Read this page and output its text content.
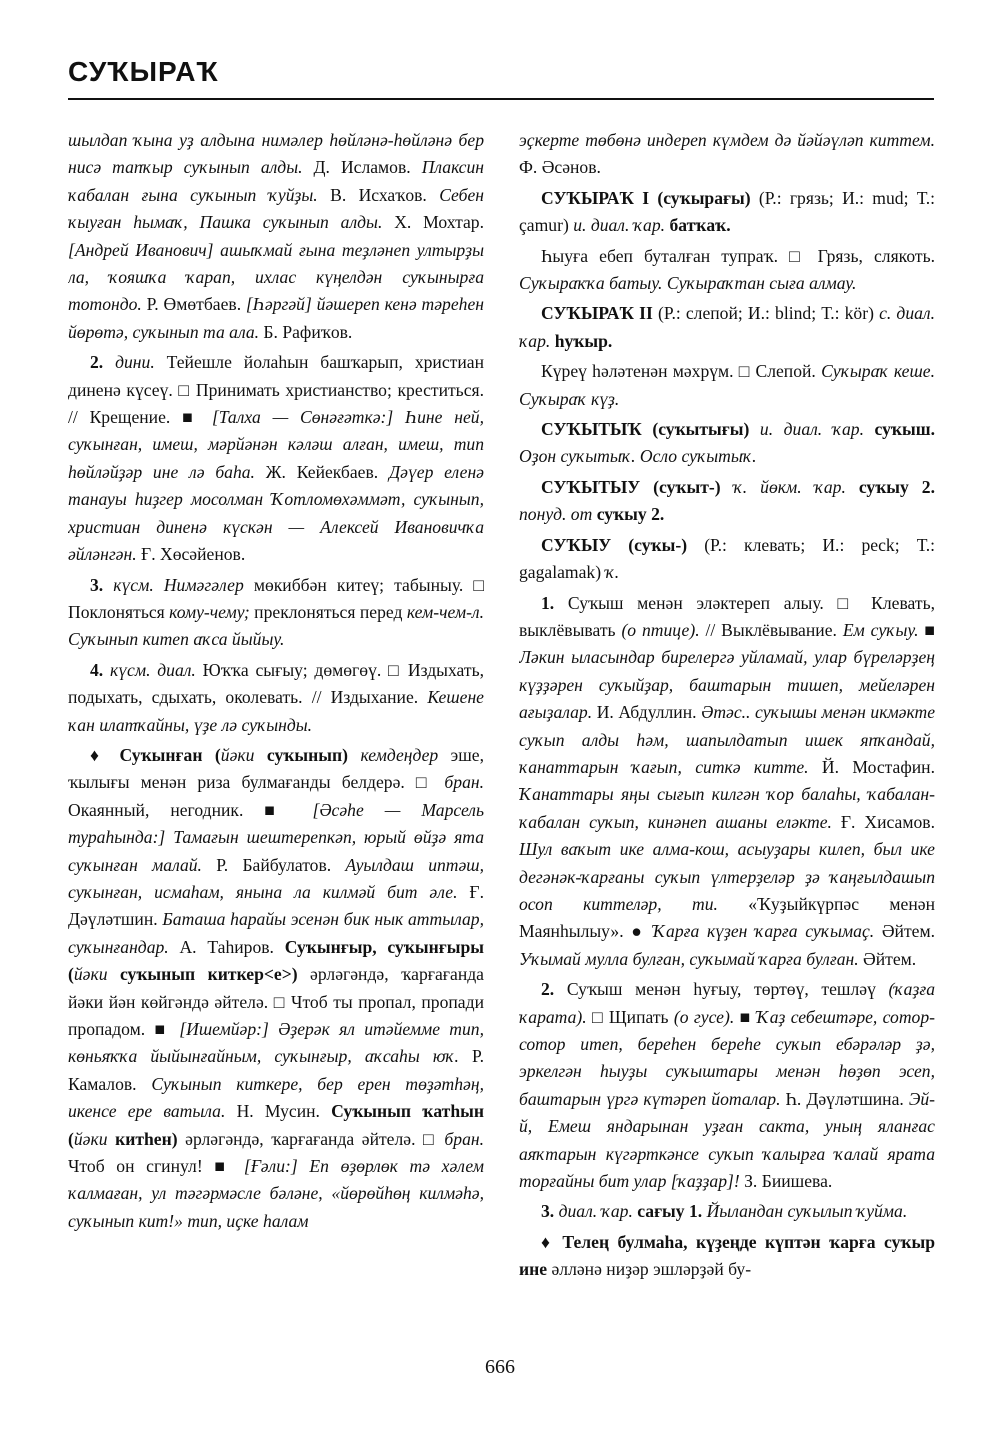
СУҠЫРАҠ

шылдап ҡына уҙ алдына нимәлер һөйләнә-һөйләнә бер нисә тапҡыр суҡынып алды. Д. Исламов. Плаксин ҡабалан ғына суҡынып ҡуйҙы. В. Исхаҡов. Себен ҡыуған һымаҡ, Пашка суҡынып алды. Х. Мохтар. [Андрей Иванович] ашыҡмай ғына теҙләнеп ултырҙы ла, ҡояшҡа ҡарап, ихлас күңелдән суҡынырға тотондо. Р. Өмөтбаев. [Һәргәй] йәшереп кенә тәреһен йөрөтә, суҡынып та ала. Б. Рафиҡов.

2. дини. Тейешле йолаһын башҡарып, христиан диненә күсеү. □ Принимать христианство; креститься. // Крещение. ■ [Талха — Сөнәғәткә:] Һине ней, суҡынған, имеш, мәрйәнән кәләш алған, имеш, тип һөйләйҙәр ине лә баһа. Ж. Кейекбаев. Дәүер еленә танауы һиҙгер мосолман Ҡотломөхәммәт, суҡынып, христиан диненә күскән — Алексей Ивановичҡа әйләнгән. Ғ. Хөсәйенов.

3. күсм. Нимәгәлер мөкиббән китеү; табыныу. □ Поклоняться кому-чему; преклоняться перед кем-чем-л. Суҡынып китеп аҡса йыйыу.

4. күсм. диал. Юҡҡа сығыу; дөмөгөү. □ Издыхать, подыхать, сдыхать, околевать. // Издыхание. Кешене ҡан илатҡайны, үҙе лә суҡынды.

♦ Суҡынған (йәки суҡынып) кемдеңдер эше, ҡылығы менән риза булмағанды белдерә. □ бран. Окаянный, негодник. ■ [Әсәһе — Марсель тураһында:] Тамағын шештерепкәп, юрый өйҙә ята суҡынған малай. Р. Байбулатов. Ауылдаш иптәш, суҡынған, исмаһам, янына ла килмәй бит әле. Ғ. Дәүләтшин. Баташа һарайы эсенән бик нык аттылар, суҡынғандар. А. Таһиров. Суҡынғыр, суҡынғыры (йәки суҡынып киткер<е>) әрләгәндә, ҡарғағанда йәки йән көйгәндә әйтелә. □ Чтоб ты пропал, пропади пропадом. ■ [Ишемйәр:] Әҙерәк ял итәйемме тип, көньяҡҡа йыйынғайным, суҡынғыр, аҡсаһы юҡ. Р. Камалов. Суҡынып киткере, бер ерен төҙәтһәң, икенсе ере ватыла. Н. Мусин. Суҡынып ҡатһын (йәки китһен) әрләгәндә, ҡарғағанда әйтелә. □ бран. Чтоб он сгинул! ■ [Ғәли:] Еп өҙөрлөк тә хәлем ҡалмаған, ул тәгәрмәсле бәләне, «йөрөйһөң килмәһә, суҡынып кит!» тип, иҫке һалам

эҫкерте төбөнә индереп күмдем дә йәйәүләп киттем. Ф. Әсәнов.

СУҠЫРАҠ I (суҡырағы) (Р.: грязь; И.: mud; Т.: çamur) и. диал. ҡар. батҡаҡ.

Һыуға ебеп буталған тупраҡ. □ Грязь, слякоть. Суҡыраҡҡа батыу. Суҡыраҡтан сыға алмау.

СУҠЫРАҠ II (Р.: слепой; И.: blind; Т.: kör) с. диал. ҡар. һуҡыр.

Күреү һәләтенән мәхрүм. □ Слепой. Суҡыраҡ кеше. Суҡыраҡ күҙ.

СУҠЫТЫҠ (суҡытығы) и. диал. ҡар. суҡыш. Оҙон суҡытыҡ. Осло суҡытыҡ.

СУҠЫТЫУ (суҡыт-) ҡ. йөкм. ҡар. суҡыу 2. понуд. от суҡыу 2.

СУҠЫУ (суҡы-) (Р.: клевать; И.: peck; Т.: gagalamak) ҡ.

1. Суҡыш менән эләктереп алыу. □ Клевать, выклёвывать (о птице). // Выклёвывание. Ем суҡыу. ■ Ләкин ыласындар бирелергә уйламай, улар бүреләрҙең күҙҙәрен суҡыйҙар, баштарын тишеп, мейеләрен ағыҙалар. И. Абдуллин. Әтәс.. суҡышы менән икмәкте суҡып алды һәм, шапылдатып ишек япҡандай, ҡанаттарын ҡағып, ситкә китте. Й. Мостафин. Ҡанаттары яңы сығып килгән ҡор балаһы, ҡабалан-ҡабалан суҡып, кинәнеп ашаны еләкте. Ғ. Хисамов. Шул ваҡыт ике алма-кош, асыуҙары килеп, был ике дегәнәк-ҡарғаны суҡып үлтерҙеләр ҙә ҡаңғылдашып осоп киттеләр, ти. «Ҡуҙыйкүрпәс менән Маянһылыу». ● Ҡарға күҙен ҡарға суҡымаҫ. Әйтем. Уҡымай мулла булған, суҡымай ҡарға булған. Әйтем.

2. Суҡыш менән һуғыу, төртөү, тешләү (ҡаҙға ҡарата). □ Щипать (о гусе). ■ Ҡаҙ себештәре, сотор-сотор итеп, береһен береһе суҡып ебәрәләр ҙә, эркелгән һыуҙы суҡыштары менән һөҙөп эсеп, баштарын үргә күтәреп йоталар. Һ. Дәүләтшина. Эй-й, Емеш яндарынан уҙған сакта, уның яланғас аяҡтарын күгәрткәнсе суҡып ҡалырға ҡалай ярата торғайны бит улар [ҡаҙҙар]! З. Биишева.

3. диал. ҡар. сағыу 1. Йыландан суҡылып ҡуйма.

♦ Телең булмаһа, күҙеңде күптән ҡарға суҡыр ине әлләнә ниҙәр эшләрҙәй бу-

666
